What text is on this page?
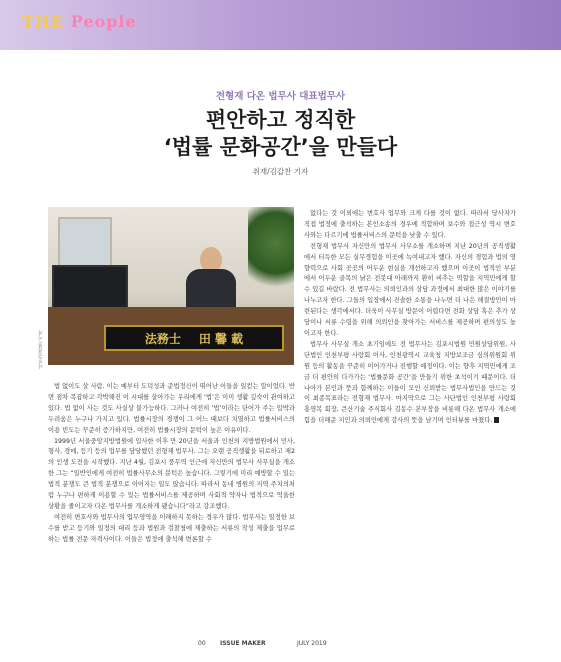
THE People
전형재 다온 법무사 대표법무사
편안하고 정직한
‘법률 문화공간’을 만들다
취재/김갑찬 기자
法務士 田 馨 載
사진/김갑찬 기자

법 없이도 살 사람. 이는 예부터 도덕성과 준법정신이 뛰어난 이들을 일컫는 말이었다. 반면 점차 복잡하고 각박해진 이 시대를 살아가는 우리에게 ‘법’은 이미 생활 깊숙이 관여하고 있다. 법 없이 사는 것도 사실상 불가능하다. 그러나 여전히 ‘법’이라는 단어가 주는 압박과 두려움은 누구나 가지고 있다. 법률시장의 경쟁이 그 어느 때보다 치열하고 법률서비스의 이용 빈도는 꾸준히 증가하지만, 여전히 법률시장의 문턱이 높은 이유이다.

1999년 서울중앙지방법원에 입사한 이후 만 20년을 서울과 인천의 지방법원에서 민사, 형사, 경매, 등기 등의 업무를 담당했던 전형재 법무사. 그는 오랜 공직생활을 뒤로하고 제2의 인생 도전을 시작했다. 지난 4월, 김포시 풍무역 인근에 자신만의 법무사 사무실을 개소한 그는 “일반인에게 여전히 법률사무소의 문턱은 높습니다. 그렇기에 미리 예방할 수 있는 법적 분쟁도 큰 법적 분쟁으로 이어지는 일도 많습니다. 따라서 동네 병원의 지역 주치의처럼 누구나 편하게 이용할 수 있는 법률서비스를 제공하며 사회적 약자나 법적으로 억울한 상황을 줄이고자 다온 법무사를 개소하게 됐습니다”라고 강조했다.

여전히 변호사와 법무사의 업무영역을 이해하지 못하는 경우가 많다. 법무사는 일정한 보수를 받고 등기와 일정의 대리 등과 법원과 검찰청에 제출하는 서류의 작성 제출을 업무로 하는 법률 전문 자격사이다. 이들은 법정에 출석해 변론할 수

없다는 것 이외에는 변호사 업무와 크게 다를 것이 없다. 따라서 당사자가 직접 법정에 출석하는 본인소송의 경우에 적합하며 보수와 접근성 역시 변호사와는 다르기에 법률서비스의 문턱을 낮출 수 있다.

전형재 법무사 자신만의 법무사 사무소를 개소하며 지난 20년의 공직생활에서 터득한 모든 실무경험을 이곳에 녹여내고자 했다. 자신의 경험과 법의 영향력으로 사회 곳곳의 어두운 현실을 개선하고자 했으며 이곳이 법적인 부분에서 어두운 골목의 낡은 전봇대 아래까지 환히 비추는 역할을 지역민에게 할 수 있길 바랐다. 전 법무사는 의뢰인과의 상담 과정에서 최대한 많은 이야기를 나누고자 한다. 그들의 입장에서 진솔한 소통을 나누면 더 나은 해결방안이 마련된다는 생각에서다. 더욱이 사무실 방문이 어렵다면 전화 상담 혹은 추가 상담이나 서류 수령을 위해 의뢰인을 찾아가는 서비스를 제공하며 편의성도 높이고자 한다.

법무사 사무실 개소 초기임에도 전 법무사는 김포시법원 민원상담위원, 사단법인 인천부평 사랑회 이사, 인천광역시 교육청 지방보조금 심의위원회 위원 등의 활동을 꾸준히 이어가거나 진행할 예정이다. 이는 향후 지역민에게 조금 더 편안히 다가가는 ‘법률문화 공간’을 만들기 위한 초석이기 때문이다. 더 나아가 본인과 뜻과 함께하는 이들이 모인 신뢰받는 법무사법인을 만드는 것이 최종목표라는 전형재 법무사. 마지막으로 그는 사단법인 인천부평 사랑회 홍영복 회장, 큰산기술 주식회사 김동수 본부장을 비롯해 다온 법무사 개소에 힘을 더해준 지인과 의뢰인에게 감사의 뜻을 남기며 인터뷰를 마쳤다.

00 ISSUE MAKER	JULY 2019
